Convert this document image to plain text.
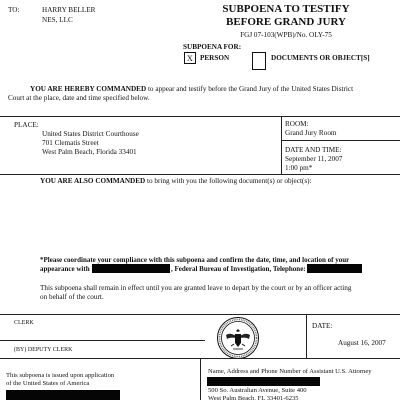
TO:	HARRY BELLER
NES, LLC
SUBPOENA TO TESTIFY
BEFORE GRAND JURY
FGJ 07-103(WPB)/No. OLY-75
SUBPOENA FOR:
X PERSON	DOCUMENTS OR OBJECT[S]
YOU ARE HEREBY COMMANDED to appear and testify before the Grand Jury of the United States District
Court at the place, date and time specified below.
PLACE:
United States District Courthouse
701 Clematis Street
West Palm Beach, Florida 33401
ROOM:
Grand Jury Room
DATE AND TIME:
September 11, 2007
1:00 pm*
YOU ARE ALSO COMMANDED to bring with you the following document(s) or object(s):
*Please coordinate your compliance with this subpoena and confirm the date, time, and location of your
appearance with	, Federal Bureau of Investigation, Telephone:
This subpoena shall remain in effect until you are granted leave to depart by the court or by an officer acting
on behalf of the court.
CLERK
(BY) DEPUTY CLERK
DATE:
August 16, 2007
This subpoena is issued upon application
of the United States of America
Name, Address and Phone Number of Assistant U.S. Attorney
500 So. Australian Avenue, Suite 400
West Palm Beach, FL 33401-6235
